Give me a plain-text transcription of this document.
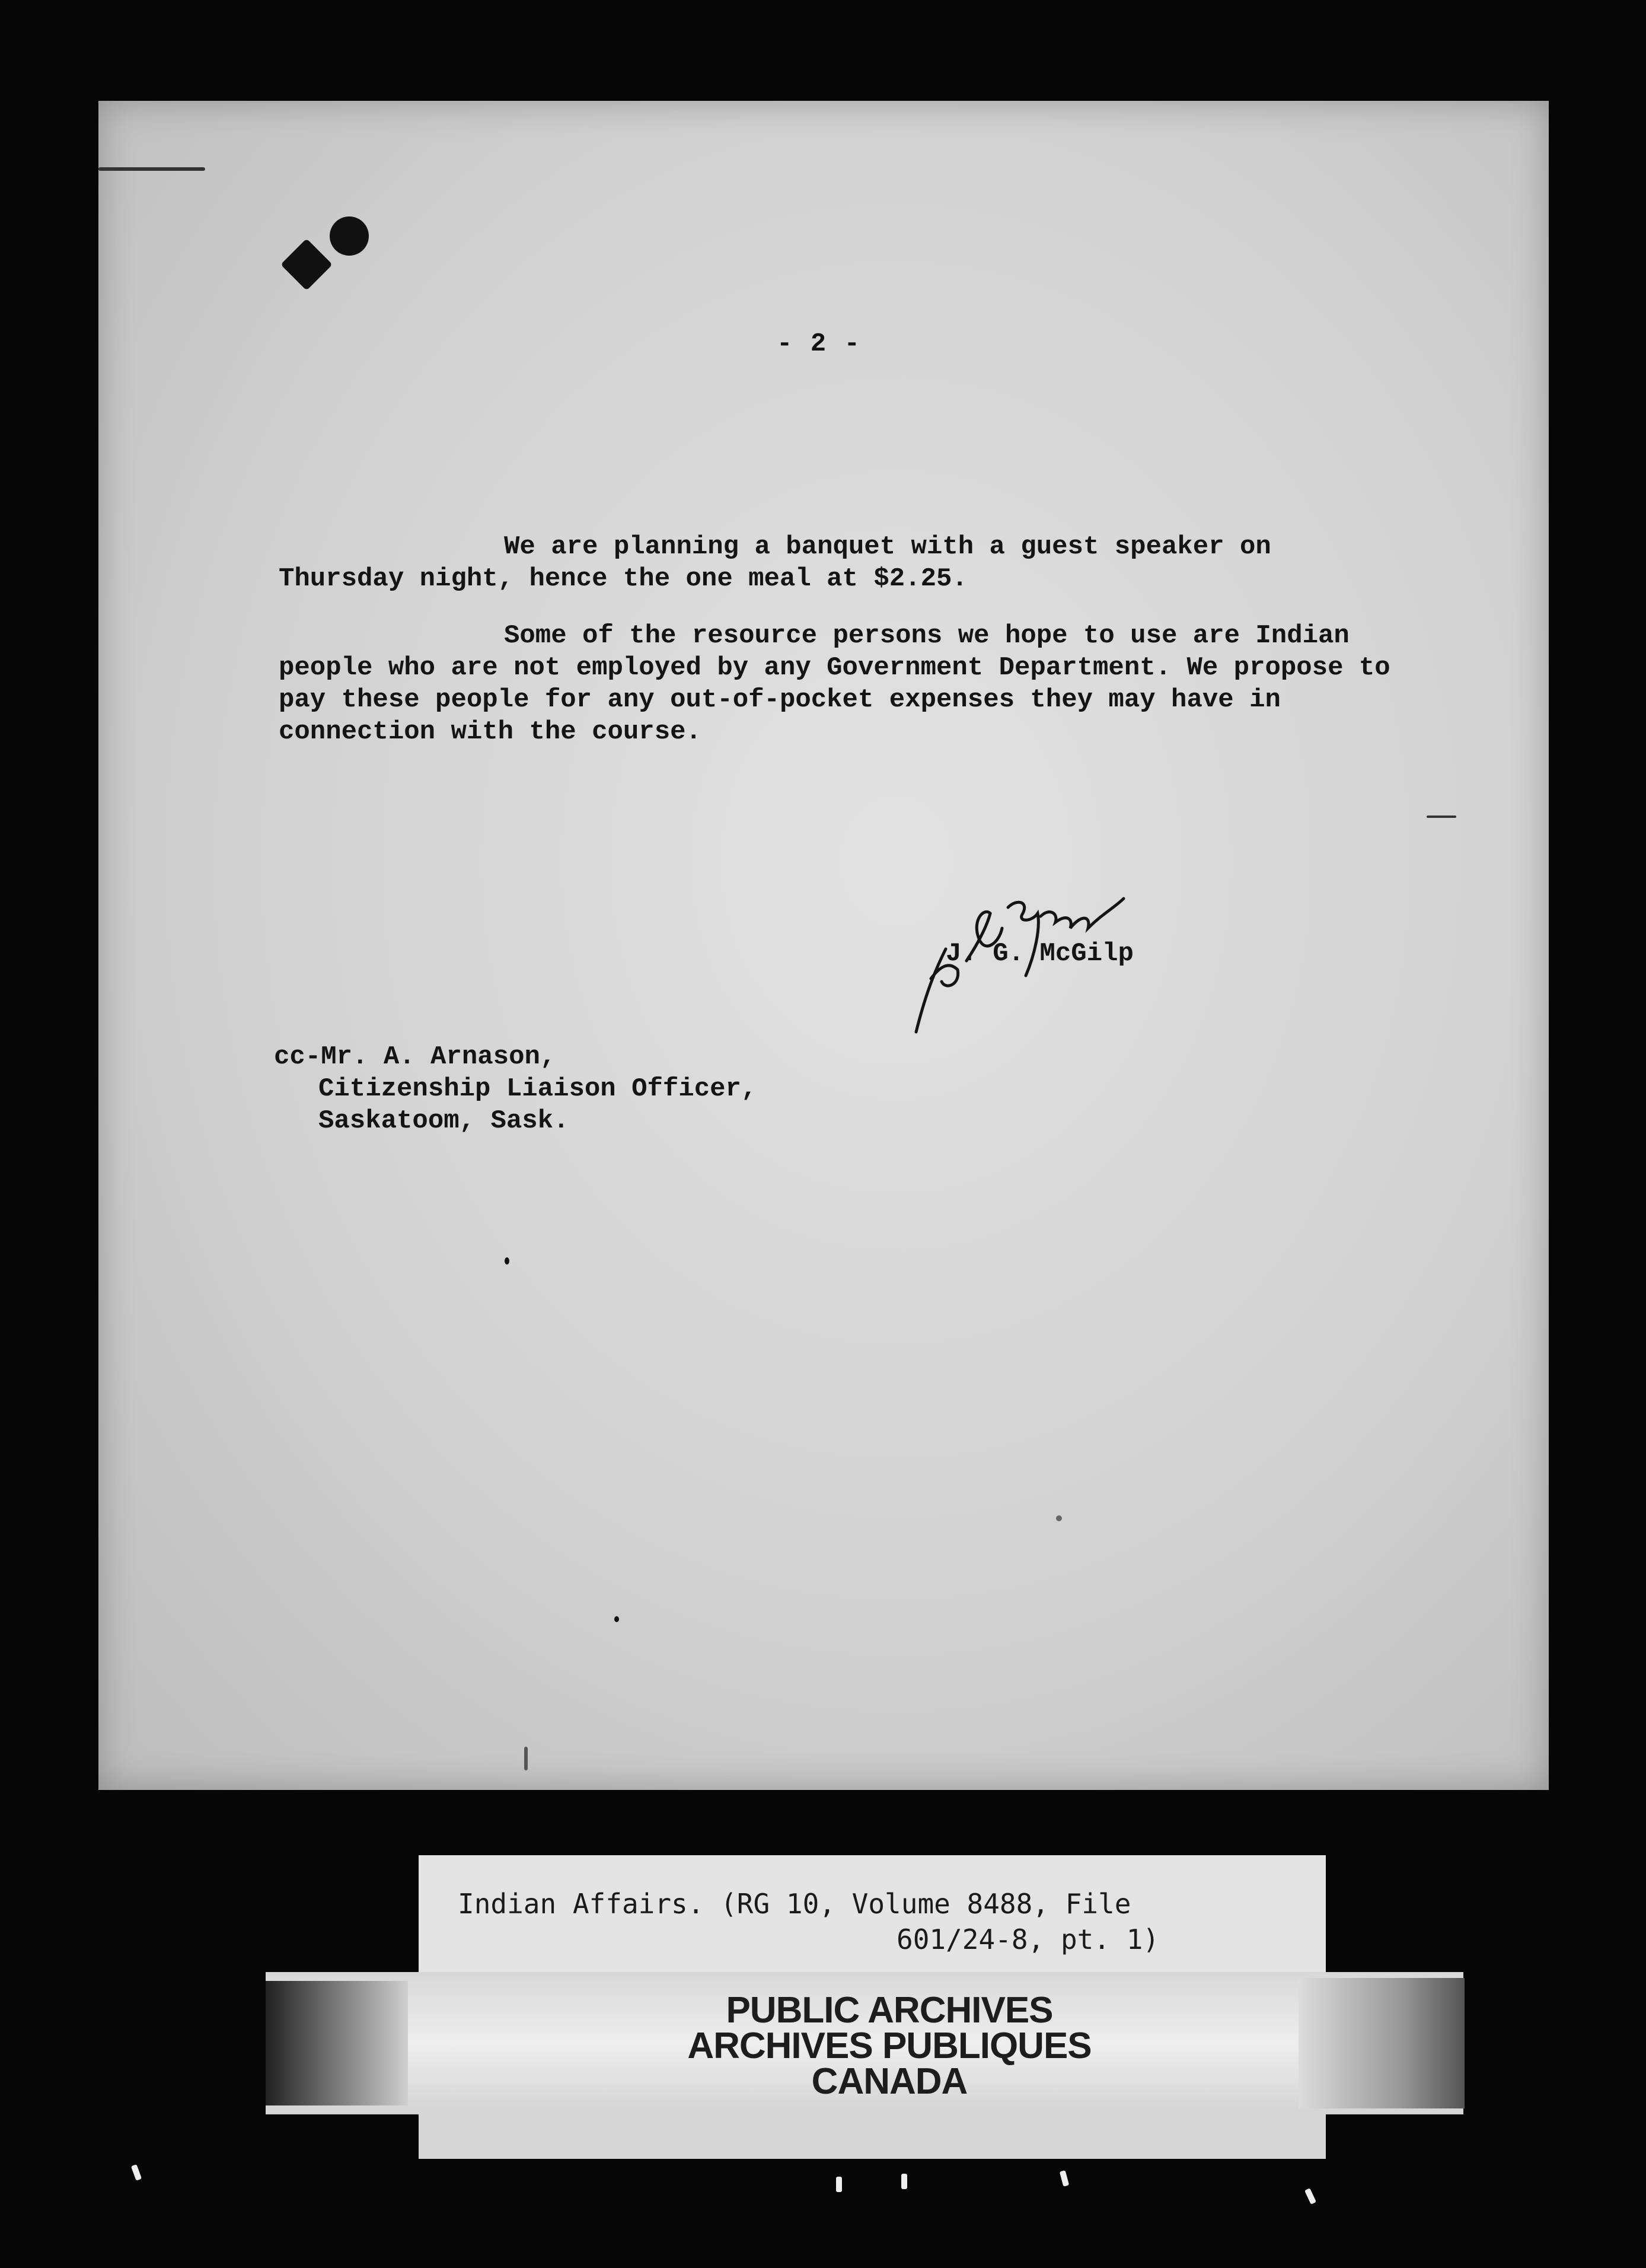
- 2 -

We are planning a banquet with a guest speaker on Thursday night, hence the one meal at $2.25.

Some of the resource persons we hope to use are Indian people who are not employed by any Government Department. We propose to pay these people for any out-of-pocket expenses they may have in connection with the course.

J. G. McGilp
cc-Mr. A. Arnason,
Citizenship Liaison Officer,
Saskatoom, Sask.
Indian Affairs. (RG 10, Volume 8488, File

601/24-8, pt. 1)
PUBLIC ARCHIVES
ARCHIVES PUBLIQUES
CANADA
